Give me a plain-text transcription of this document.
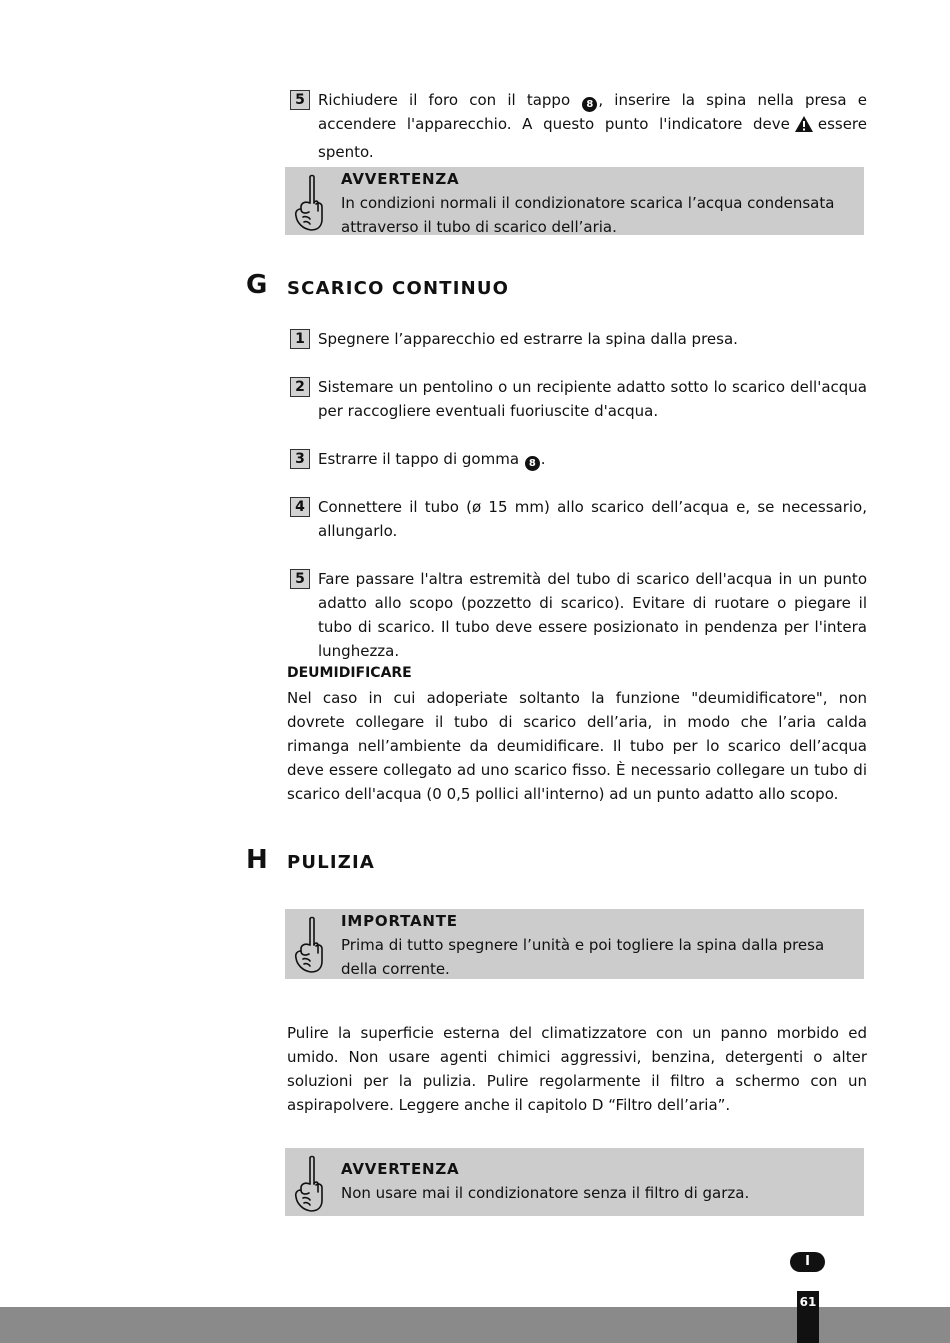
5 Richiudere il foro con il tappo 8 , inserire la spina nella presa e accendere l'apparecchio. A questo punto l'indicatore deve essere spento.
AVVERTENZA
In condizioni normali il condizionatore scarica l’acqua condensata attraverso il tubo di scarico dell’aria.
G SCARICO CONTINUO
1 Spegnere l’apparecchio ed estrarre la spina dalla presa.
2 Sistemare un pentolino o un recipiente adatto sotto lo scarico dell'acqua per raccogliere eventuali fuoriuscite d'acqua.
3 Estrarre il tappo di gomma 8 .
4 Connettere il tubo (ø 15 mm) allo scarico dell’acqua e, se necessario, allungarlo.
5 Fare passare l'altra estremità del tubo di scarico dell'acqua in un punto adatto allo scopo (pozzetto di scarico). Evitare di ruotare o piegare il tubo di scarico. Il tubo deve essere posizionato in pendenza per l'intera lunghezza.
DEUMIDIFICARE
Nel caso in cui adoperiate soltanto la funzione "deumidificatore", non dovrete collegare il tubo di scarico dell’aria, in modo che l’aria calda rimanga nell’ambiente da deumidificare. Il tubo per lo scarico dell’acqua deve essere collegato ad uno scarico fisso. È necessario collegare un tubo di scarico dell'acqua (0 0,5 pollici all'interno) ad un punto adatto allo scopo.
H PULIZIA
IMPORTANTE
Prima di tutto spegnere l’unità e poi togliere la spina dalla presa della corrente.
Pulire la superficie esterna del climatizzatore con un panno morbido ed umido. Non usare agenti chimici aggressivi, benzina, detergenti o alter soluzioni per la pulizia. Pulire regolarmente il filtro a schermo con un aspirapolvere. Leggere anche il capitolo D “Filtro dell’aria”.
AVVERTENZA
Non usare mai il condizionatore senza il filtro di garza.
I
61
